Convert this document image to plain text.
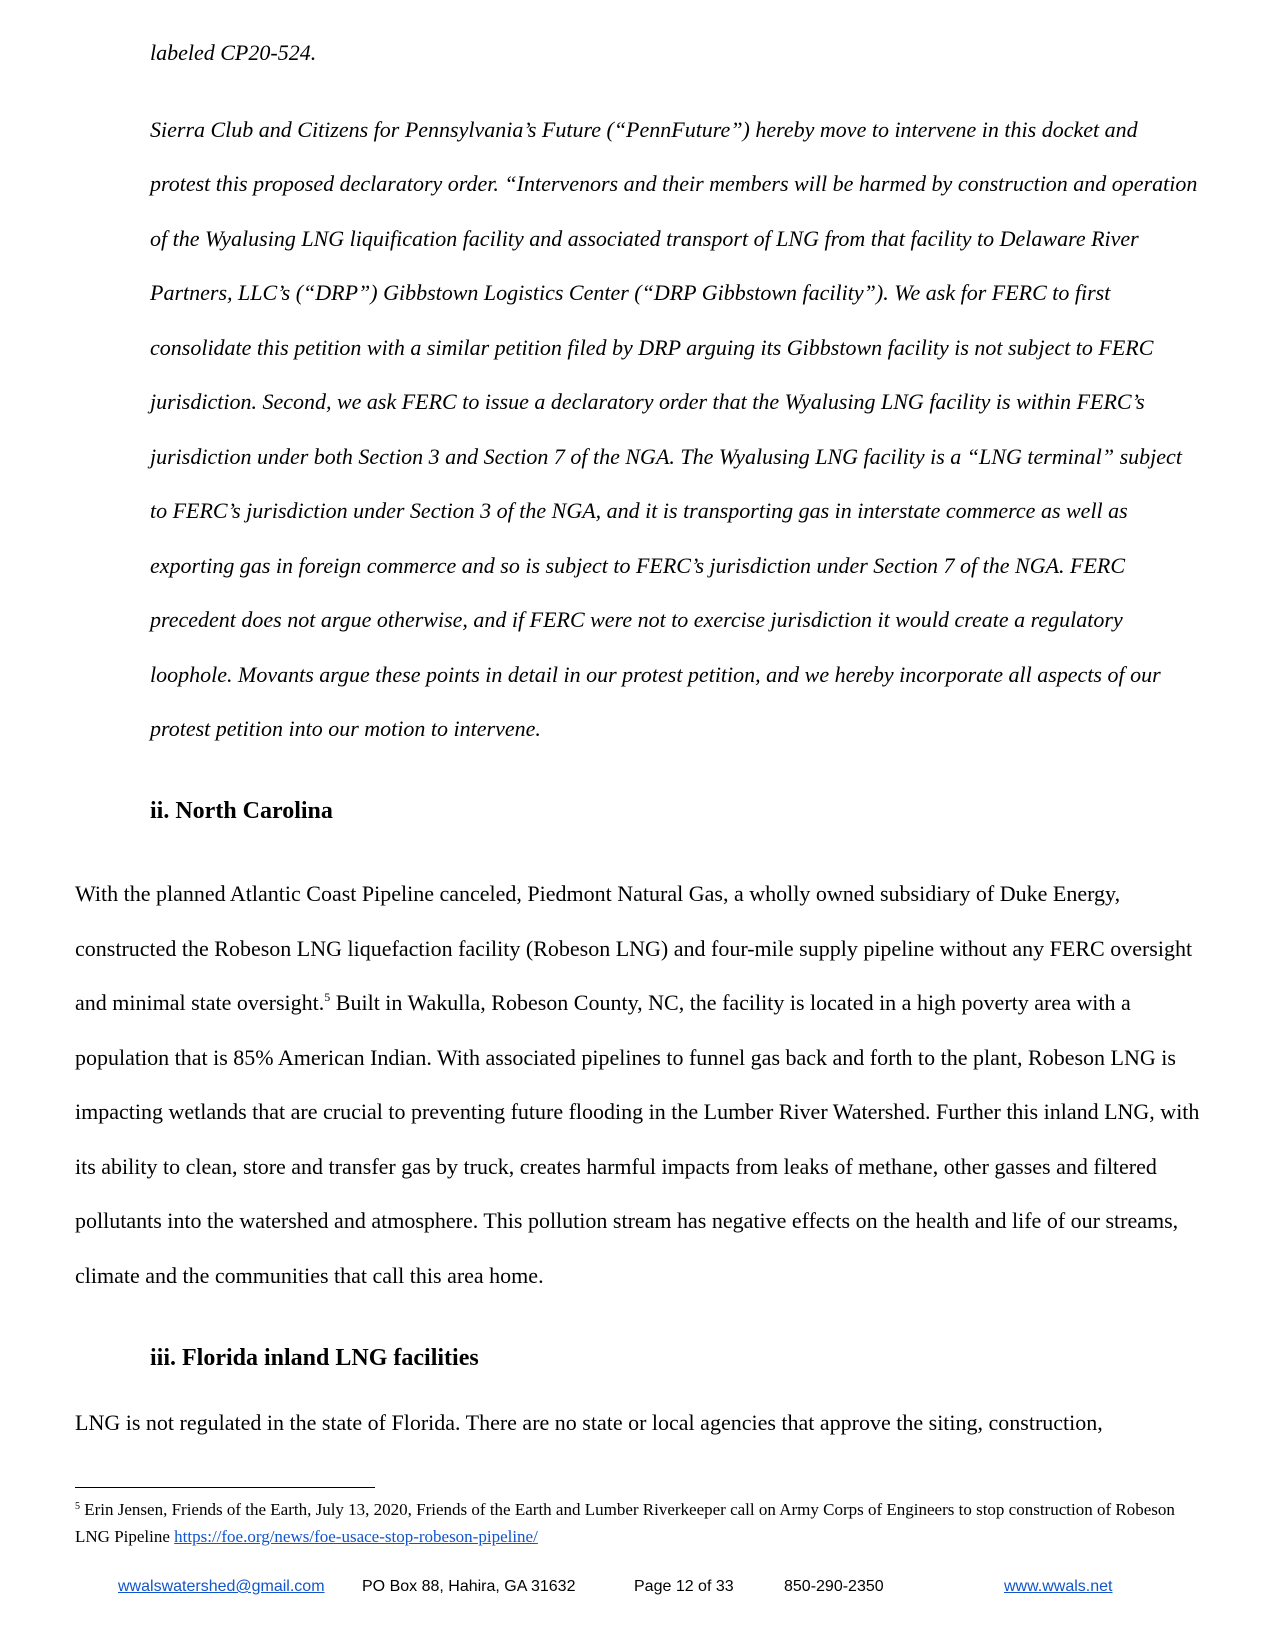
labeled CP20-524.

Sierra Club and Citizens for Pennsylvania’s Future (“PennFuture”) hereby move to intervene in this docket and protest this proposed declaratory order. “Intervenors and their members will be harmed by construction and operation of the Wyalusing LNG liquification facility and associated transport of LNG from that facility to Delaware River Partners, LLC’s (“DRP”) Gibbstown Logistics Center (“DRP Gibbstown facility”). We ask for FERC to first consolidate this petition with a similar petition filed by DRP arguing its Gibbstown facility is not subject to FERC jurisdiction. Second, we ask FERC to issue a declaratory order that the Wyalusing LNG facility is within FERC’s jurisdiction under both Section 3 and Section 7 of the NGA. The Wyalusing LNG facility is a “LNG terminal” subject to FERC’s jurisdiction under Section 3 of the NGA, and it is transporting gas in interstate commerce as well as exporting gas in foreign commerce and so is subject to FERC’s jurisdiction under Section 7 of the NGA. FERC precedent does not argue otherwise, and if FERC were not to exercise jurisdiction it would create a regulatory loophole. Movants argue these points in detail in our protest petition, and we hereby incorporate all aspects of our protest petition into our motion to intervene.

ii. North Carolina

With the planned Atlantic Coast Pipeline canceled, Piedmont Natural Gas, a wholly owned subsidiary of Duke Energy, constructed the Robeson LNG liquefaction facility (Robeson LNG) and four-mile supply pipeline without any FERC oversight and minimal state oversight.$^5$ Built in Wakulla, Robeson County, NC, the facility is located in a high poverty area with a population that is 85% American Indian. With associated pipelines to funnel gas back and forth to the plant, Robeson LNG is impacting wetlands that are crucial to preventing future flooding in the Lumber River Watershed. Further this inland LNG, with its ability to clean, store and transfer gas by truck, creates harmful impacts from leaks of methane, other gasses and filtered pollutants into the watershed and atmosphere. This pollution stream has negative effects on the health and life of our streams, climate and the communities that call this area home.

iii. Florida inland LNG facilities

LNG is not regulated in the state of Florida. There are no state or local agencies that approve the siting, construction,

$^5$ Erin Jensen, Friends of the Earth, July 13, 2020, Friends of the Earth and Lumber Riverkeeper call on Army Corps of Engineers to stop construction of Robeson LNG Pipeline https://foe.org/news/foe-usace-stop-robeson-pipeline/

wwalswatershed@gmail.com PO Box 88, Hahira, GA 31632	Page 12 of 33	850-290-2350	www.wwals.net
